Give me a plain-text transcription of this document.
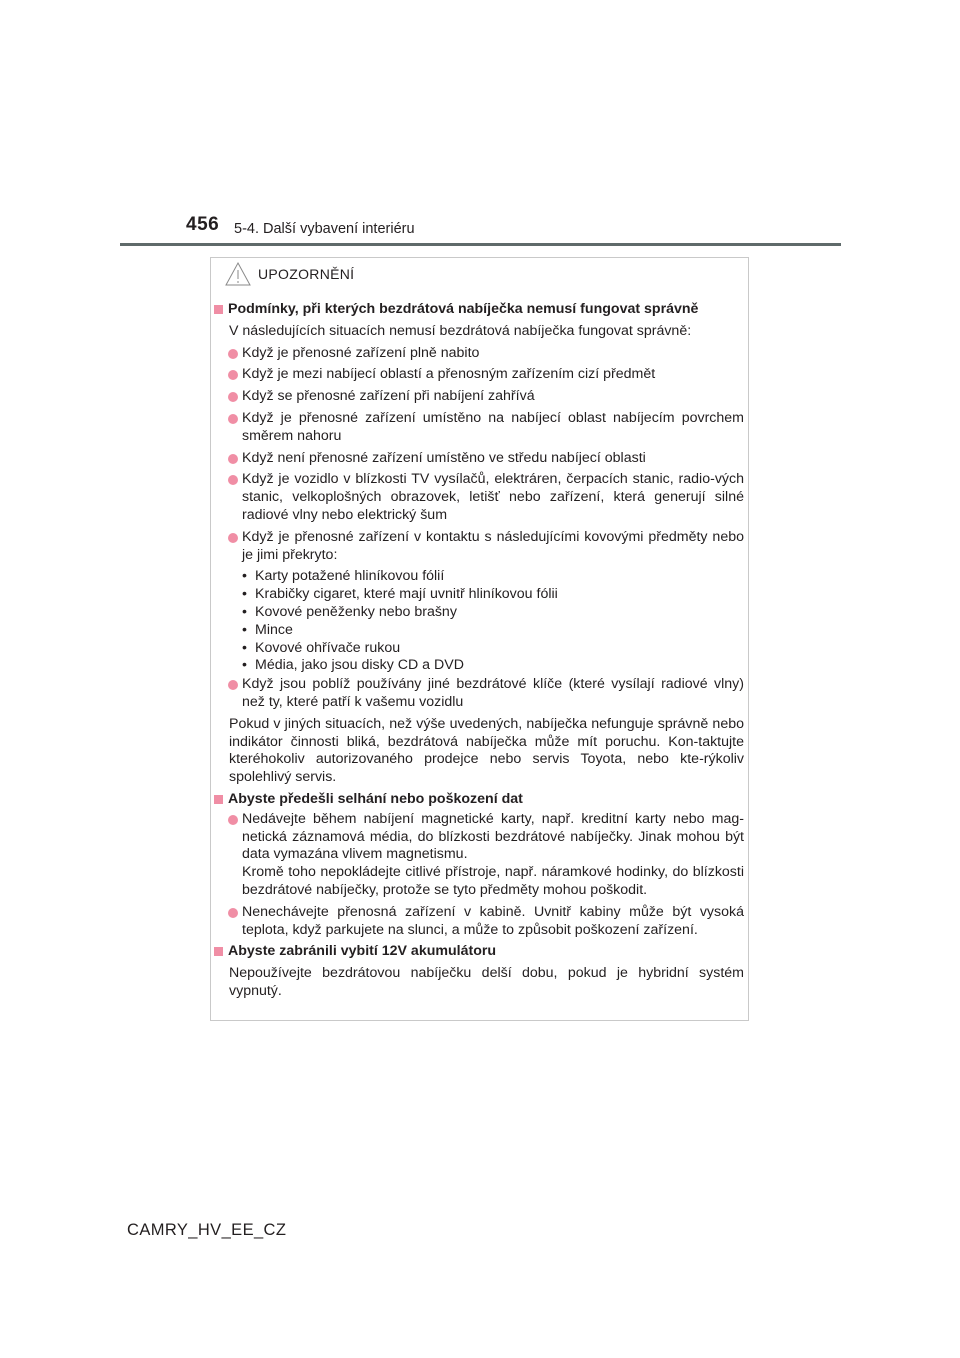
456 5-4. Další vybavení interiéru
UPOZORNĚNÍ
Podmínky, při kterých bezdrátová nabíječka nemusí fungovat správně
V následujících situacích nemusí bezdrátová nabíječka fungovat správně:
Když je přenosné zařízení plně nabito
Když je mezi nabíjecí oblastí a přenosným zařízením cizí předmět
Když se přenosné zařízení při nabíjení zahřívá
Když je přenosné zařízení umístěno na nabíjecí oblast nabíjecím povrchem směrem nahoru
Když není přenosné zařízení umístěno ve středu nabíjecí oblasti
Když je vozidlo v blízkosti TV vysílačů, elektráren, čerpacích stanic, radio-vých stanic, velkoplošných obrazovek, letišť nebo zařízení, která generují silné radiové vlny nebo elektrický šum
Když je přenosné zařízení v kontaktu s následujícími kovovými předměty nebo je jimi překryto:
• Karty potažené hliníkovou fólií
• Krabičky cigaret, které mají uvnitř hliníkovou fólii
• Kovové peněženky nebo brašny
• Mince
• Kovové ohřívače rukou
• Média, jako jsou disky CD a DVD
Když jsou poblíž používány jiné bezdrátové klíče (které vysílají radiové vlny) než ty, které patří k vašemu vozidlu
Pokud v jiných situacích, než výše uvedených, nabíječka nefunguje správně nebo indikátor činnosti bliká, bezdrátová nabíječka může mít poruchu. Kon-taktujte kteréhokoliv autorizovaného prodejce nebo servis Toyota, nebo kte-rýkoliv spolehlivý servis.
Abyste předešli selhání nebo poškození dat
Nedávejte během nabíjení magnetické karty, např. kreditní karty nebo mag-netická záznamová média, do blízkosti bezdrátové nabíječky. Jinak mohou být data vymazána vlivem magnetismu.
Kromě toho nepokládejte citlivé přístroje, např. náramkové hodinky, do blízkosti bezdrátové nabíječky, protože se tyto předměty mohou poškodit.
Nenechávejte přenosná zařízení v kabině. Uvnitř kabiny může být vysoká teplota, když parkujete na slunci, a může to způsobit poškození zařízení.
Abyste zabránili vybití 12V akumulátoru
Nepoužívejte bezdrátovou nabíječku delší dobu, pokud je hybridní systém vypnutý.
CAMRY_HV_EE_CZ
